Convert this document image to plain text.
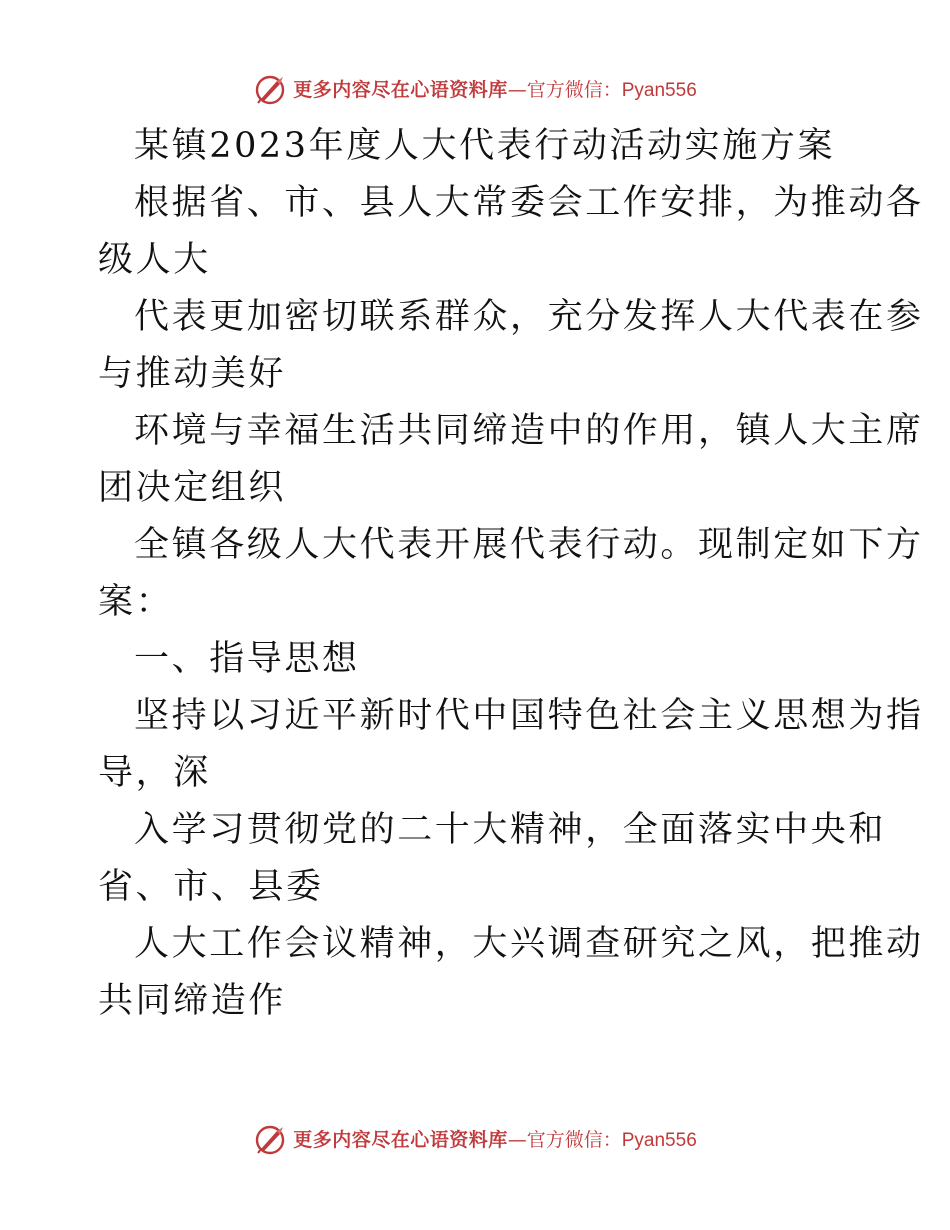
更多内容尽在心语资料库 — 官方微信： Pyan556

某镇2023年度人大代表行动活动实施方案

根据省、市、县人大常委会工作安排，为推动各

级人大

代表更加密切联系群众，充分发挥人大代表在参

与推动美好

环境与幸福生活共同缔造中的作用，镇人大主席

团决定组织

全镇各级人大代表开展代表行动。现制定如下方

案：

一、指导思想

坚持以习近平新时代中国特色社会主义思想为指

导，深

入学习贯彻党的二十大精神，全面落实中央和

省、市、县委

人大工作会议精神，大兴调查研究之风，把推动

共同缔造作

更多内容尽在心语资料库 — 官方微信： Pyan556
